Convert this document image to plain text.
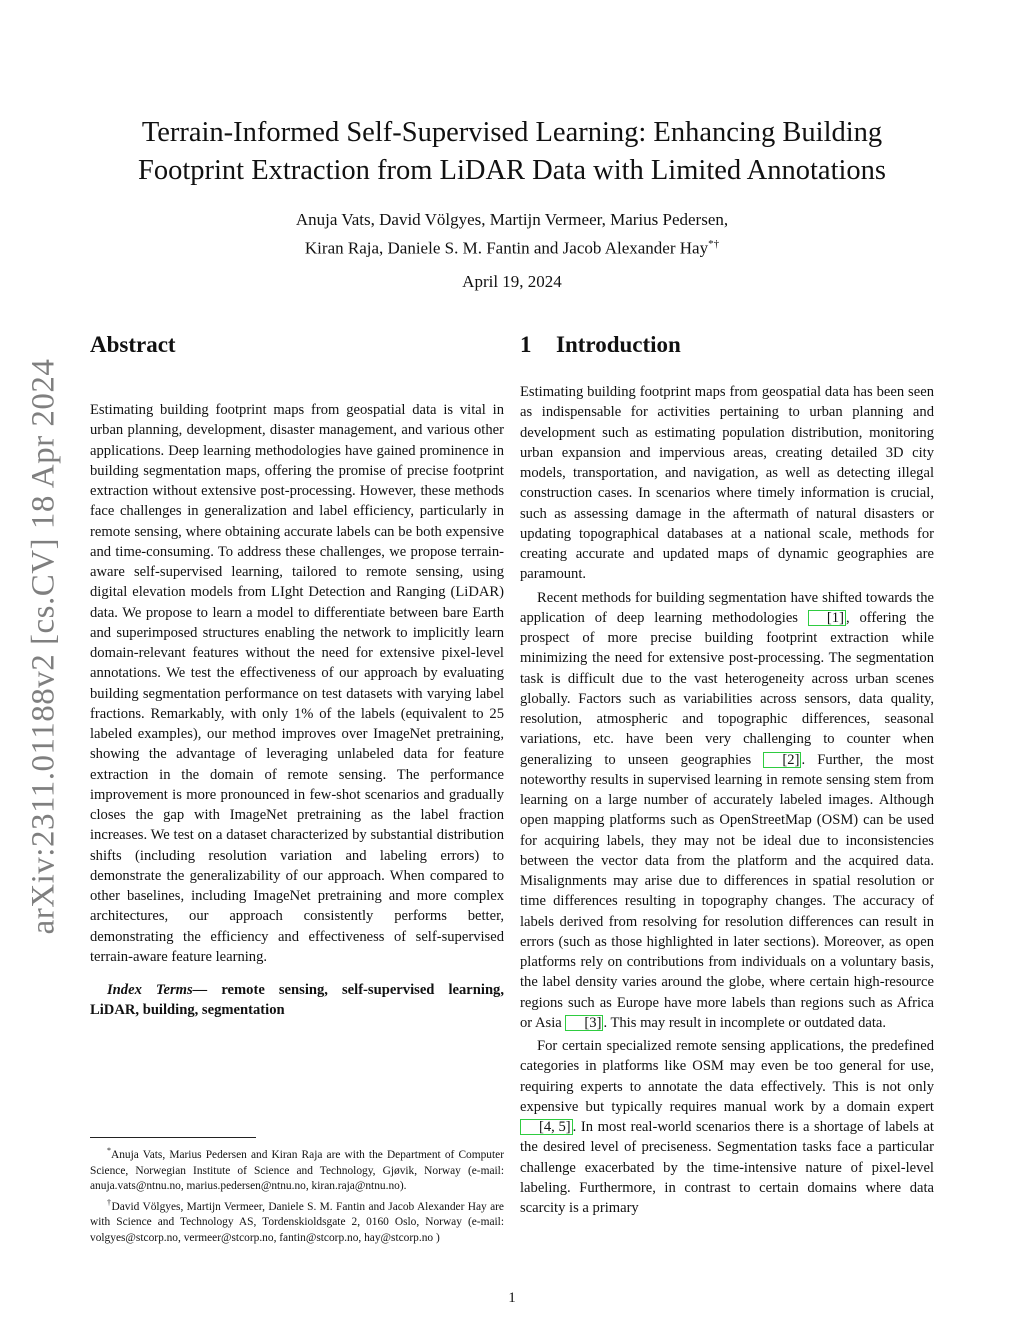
Terrain-Informed Self-Supervised Learning: Enhancing Building
Footprint Extraction from LiDAR Data with Limited Annotations
Anuja Vats, David Völgyes, Martijn Vermeer, Marius Pedersen,
Kiran Raja, Daniele S. M. Fantin and Jacob Alexander Hay*†
April 19, 2024
arXiv:2311.01188v2 [cs.CV] 18 Apr 2024
Abstract

Estimating building footprint maps from geospatial data is vital in urban planning, development, disaster management, and various other applications. Deep learning methodologies have gained prominence in building segmentation maps, offering the promise of precise footprint extraction without extensive post-processing. However, these methods face challenges in generalization and label efficiency, particularly in remote sensing, where obtaining accurate labels can be both expensive and time-consuming. To address these challenges, we propose terrain-aware self-supervised learning, tailored to remote sensing, using digital elevation models from LIght Detection and Ranging (LiDAR) data. We propose to learn a model to differentiate between bare Earth and superimposed structures enabling the network to implicitly learn domain-relevant features without the need for extensive pixel-level annotations. We test the effectiveness of our approach by evaluating building segmentation performance on test datasets with varying label fractions. Remarkably, with only 1% of the labels (equivalent to 25 labeled examples), our method improves over ImageNet pretraining, showing the advantage of leveraging unlabeled data for feature extraction in the domain of remote sensing. The performance improvement is more pronounced in few-shot scenarios and gradually closes the gap with ImageNet pretraining as the label fraction increases. We test on a dataset characterized by substantial distribution shifts (including resolution variation and labeling errors) to demonstrate the generalizability of our approach. When compared to other baselines, including ImageNet pretraining and more complex architectures, our approach consistently performs better, demonstrating the efficiency and effectiveness of self-supervised terrain-aware feature learning.

Index Terms— remote sensing, self-supervised learning, LiDAR, building, segmentation

1 Introduction

Estimating building footprint maps from geospatial data has been seen as indispensable for activities pertaining to urban planning and development such as estimating population distribution, monitoring urban expansion and impervious areas, creating detailed 3D city models, transportation, and navigation, as well as detecting illegal construction cases. In scenarios where timely information is crucial, such as assessing damage in the aftermath of natural disasters or updating topographical databases at a national scale, methods for creating accurate and updated maps of dynamic geographies are paramount.

Recent methods for building segmentation have shifted towards the application of deep learning methodologies [1] , offering the prospect of more precise building footprint extraction while minimizing the need for extensive post-processing. The segmentation task is difficult due to the vast heterogeneity across urban scenes globally. Factors such as variabilities across sensors, data quality, resolution, atmospheric and topographic differences, seasonal variations, etc. have been very challenging to counter when generalizing to unseen geographies [2] . Further, the most noteworthy results in supervised learning in remote sensing stem from learning on a large number of accurately labeled images. Although open mapping platforms such as OpenStreetMap (OSM) can be used for acquiring labels, they may not be ideal due to inconsistencies between the vector data from the platform and the acquired data. Misalignments may arise due to differences in spatial resolution or time differences resulting in topography changes. The accuracy of labels derived from resolving for resolution differences can result in errors (such as those highlighted in later sections). Moreover, as open platforms rely on contributions from individuals on a voluntary basis, the label density varies around the globe, where certain high-resource regions such as Europe have more labels than regions such as Africa or Asia [3] . This may result in incomplete or outdated data.

For certain specialized remote sensing applications, the predefined categories in platforms like OSM may even be too general for use, requiring experts to annotate the data effectively. This is not only expensive but typically requires manual work by a domain expert [4, 5] . In most real-world scenarios there is a shortage of labels at the desired level of preciseness. Segmentation tasks face a particular challenge exacerbated by the time-intensive nature of pixel-level labeling. Furthermore, in contrast to certain domains where data scarcity is a primary

*Anuja Vats, Marius Pedersen and Kiran Raja are with the Department of Computer Science, Norwegian Institute of Science and Technology, Gjøvik, Norway (e-mail: anuja.vats@ntnu.no, marius.pedersen@ntnu.no, kiran.raja@ntnu.no).

†David Völgyes, Martijn Vermeer, Daniele S. M. Fantin and Jacob Alexander Hay are with Science and Technology AS, Tordenskioldsgate 2, 0160 Oslo, Norway (e-mail: volgyes@stcorp.no, vermeer@stcorp.no, fantin@stcorp.no, hay@stcorp.no )

1
